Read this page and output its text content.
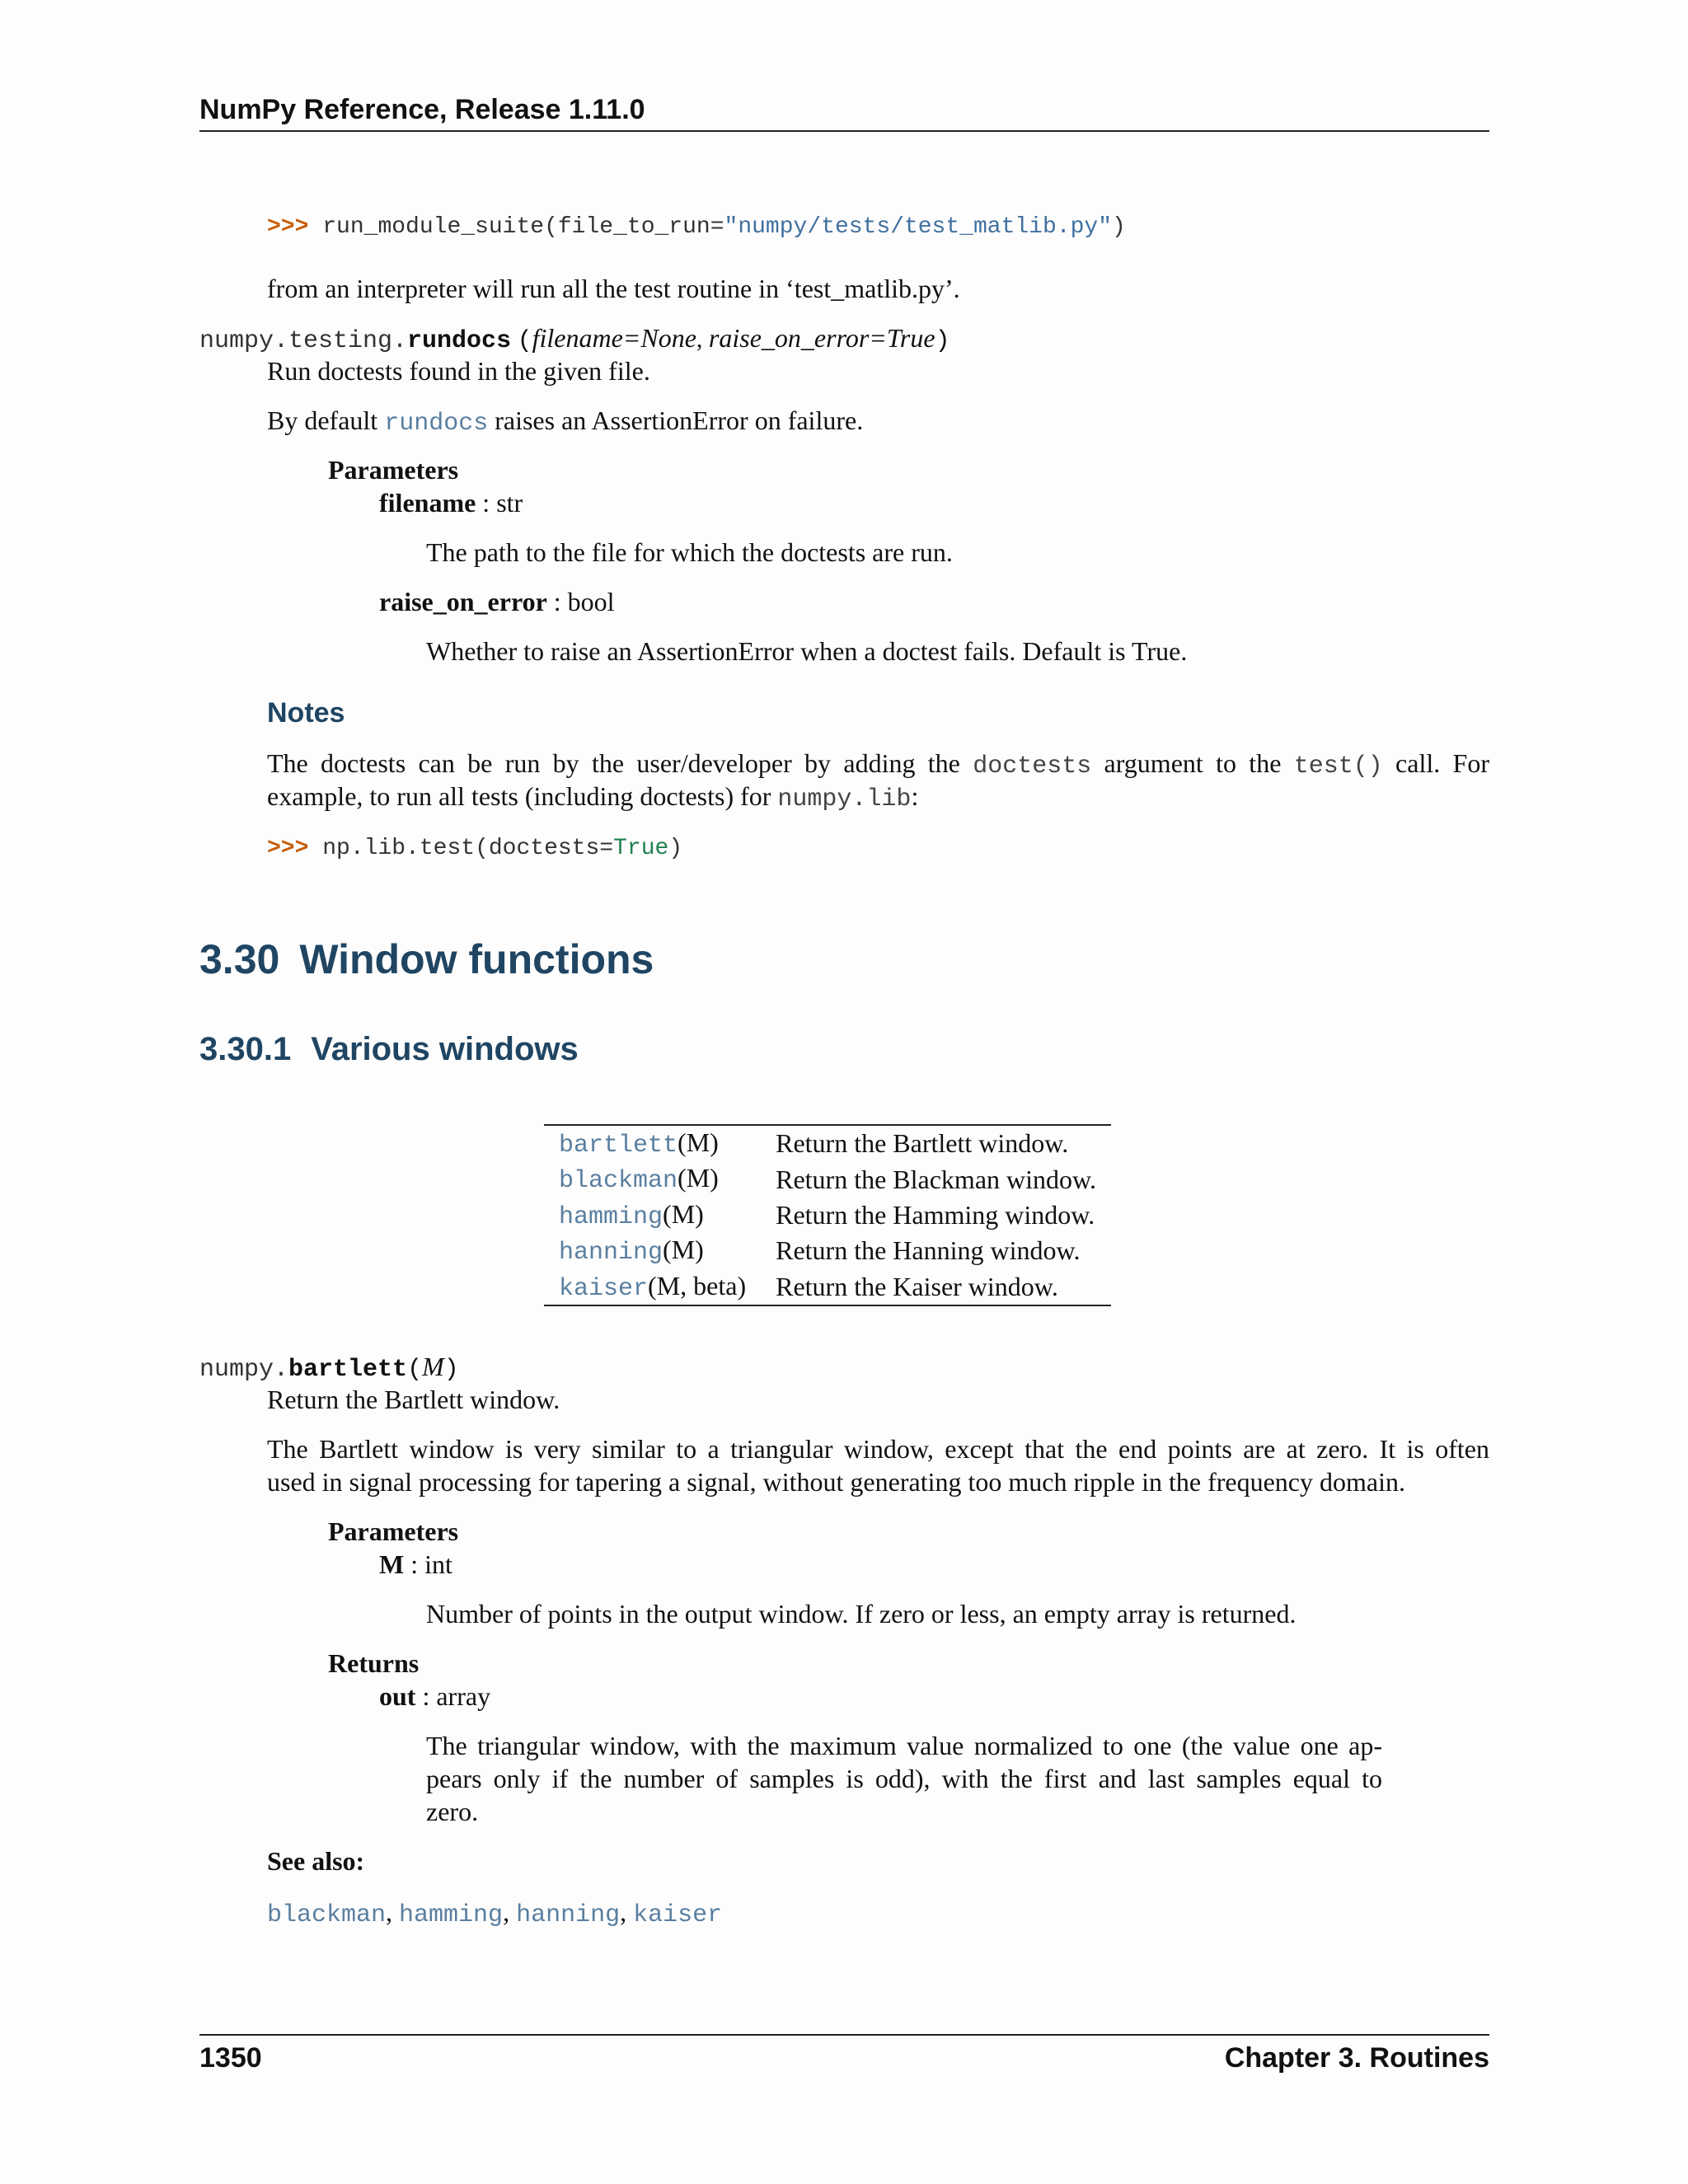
NumPy Reference, Release 1.11.0
>>> run_module_suite(file_to_run="numpy/tests/test_matlib.py")
from an interpreter will run all the test routine in ‘test_matlib.py’.
numpy.testing.rundocs (filename=None, raise_on_error=True)
Run doctests found in the given file.
By default rundocs raises an AssertionError on failure.
Parameters
filename : str
The path to the file for which the doctests are run.
raise_on_error : bool
Whether to raise an AssertionError when a doctest fails. Default is True.
Notes
The doctests can be run by the user/developer by adding the doctests argument to the test() call. For
example, to run all tests (including doctests) for numpy.lib:
>>> np.lib.test(doctests=True)
3.30 Window functions
3.30.1 Various windows
bartlett(M)	Return the Bartlett window.
blackman(M)	Return the Blackman window.
hamming(M)	Return the Hamming window.
hanning(M)	Return the Hanning window.
kaiser(M, beta)	Return the Kaiser window.
numpy.bartlett(M)
Return the Bartlett window.
The Bartlett window is very similar to a triangular window, except that the end points are at zero. It is often
used in signal processing for tapering a signal, without generating too much ripple in the frequency domain.
Parameters
M : int
Number of points in the output window. If zero or less, an empty array is returned.
Returns
out : array
The triangular window, with the maximum value normalized to one (the value one ap-
pears only if the number of samples is odd), with the first and last samples equal to
zero.
See also:
blackman, hamming, hanning, kaiser
1350	Chapter 3. Routines
